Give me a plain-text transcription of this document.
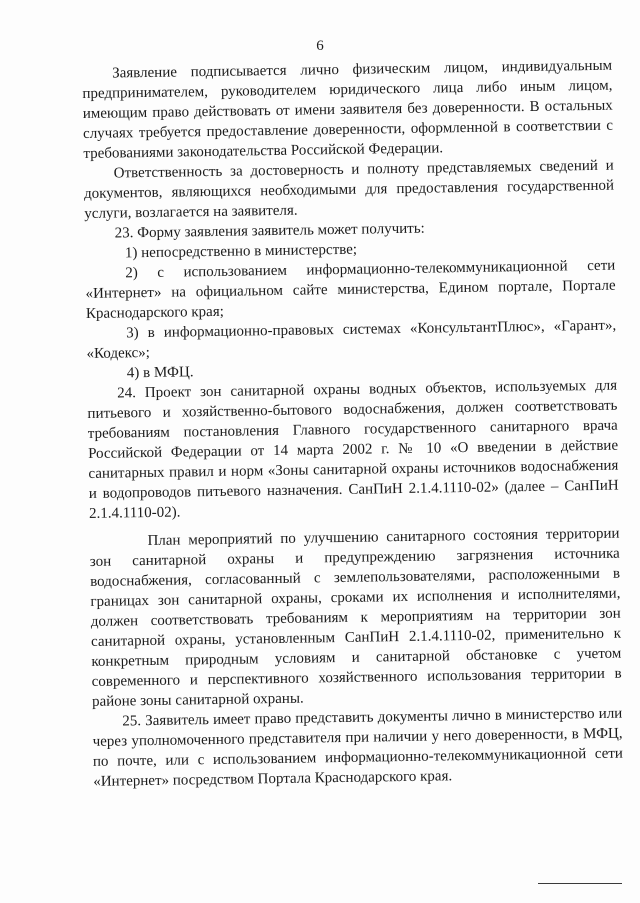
6

Заявление подписывается лично физическим лицом, индивидуальным предпринимателем, руководителем юридического лица либо иным лицом, имеющим право действовать от имени заявителя без доверенности. В остальных случаях требуется предоставление доверенности, оформленной в соответствии с требованиями законодательства Российской Федерации.

Ответственность за достоверность и полноту представляемых сведений и документов, являющихся необходимыми для предоставления государственной услуги, возлагается на заявителя.

23. Форму заявления заявитель может получить:

1) непосредственно в министерстве;

2) с использованием информационно-телекоммуникационной сети «Интернет» на официальном сайте министерства, Едином портале, Портале Краснодарского края;

3) в информационно-правовых системах «КонсультантПлюс», «Гарант», «Кодекс»;

4) в МФЦ.

24. Проект зон санитарной охраны водных объектов, используемых для питьевого и хозяйственно-бытового водоснабжения, должен соответствовать требованиям постановления Главного государственного санитарного врача Российской Федерации от 14 марта 2002 г. № 10 «О введении в действие санитарных правил и норм «Зоны санитарной охраны источников водоснабжения и водопроводов питьевого назначения. СанПиН 2.1.4.1110-02» (далее – СанПиН 2.1.4.1110-02).

План мероприятий по улучшению санитарного состояния территории зон санитарной охраны и предупреждению загрязнения источника водоснабжения, согласованный с землепользователями, расположенными в границах зон санитарной охраны, сроками их исполнения и исполнителями, должен соответствовать требованиям к мероприятиям на территории зон санитарной охраны, установленным СанПиН 2.1.4.1110-02, применительно к конкретным природным условиям и санитарной обстановке с учетом современного и перспективного хозяйственного использования территории в районе зоны санитарной охраны.

25. Заявитель имеет право представить документы лично в министерство или через уполномоченного представителя при наличии у него доверенности, в МФЦ, по почте, или с использованием информационно-телекоммуникационной сети «Интернет» посредством Портала Краснодарского края.
